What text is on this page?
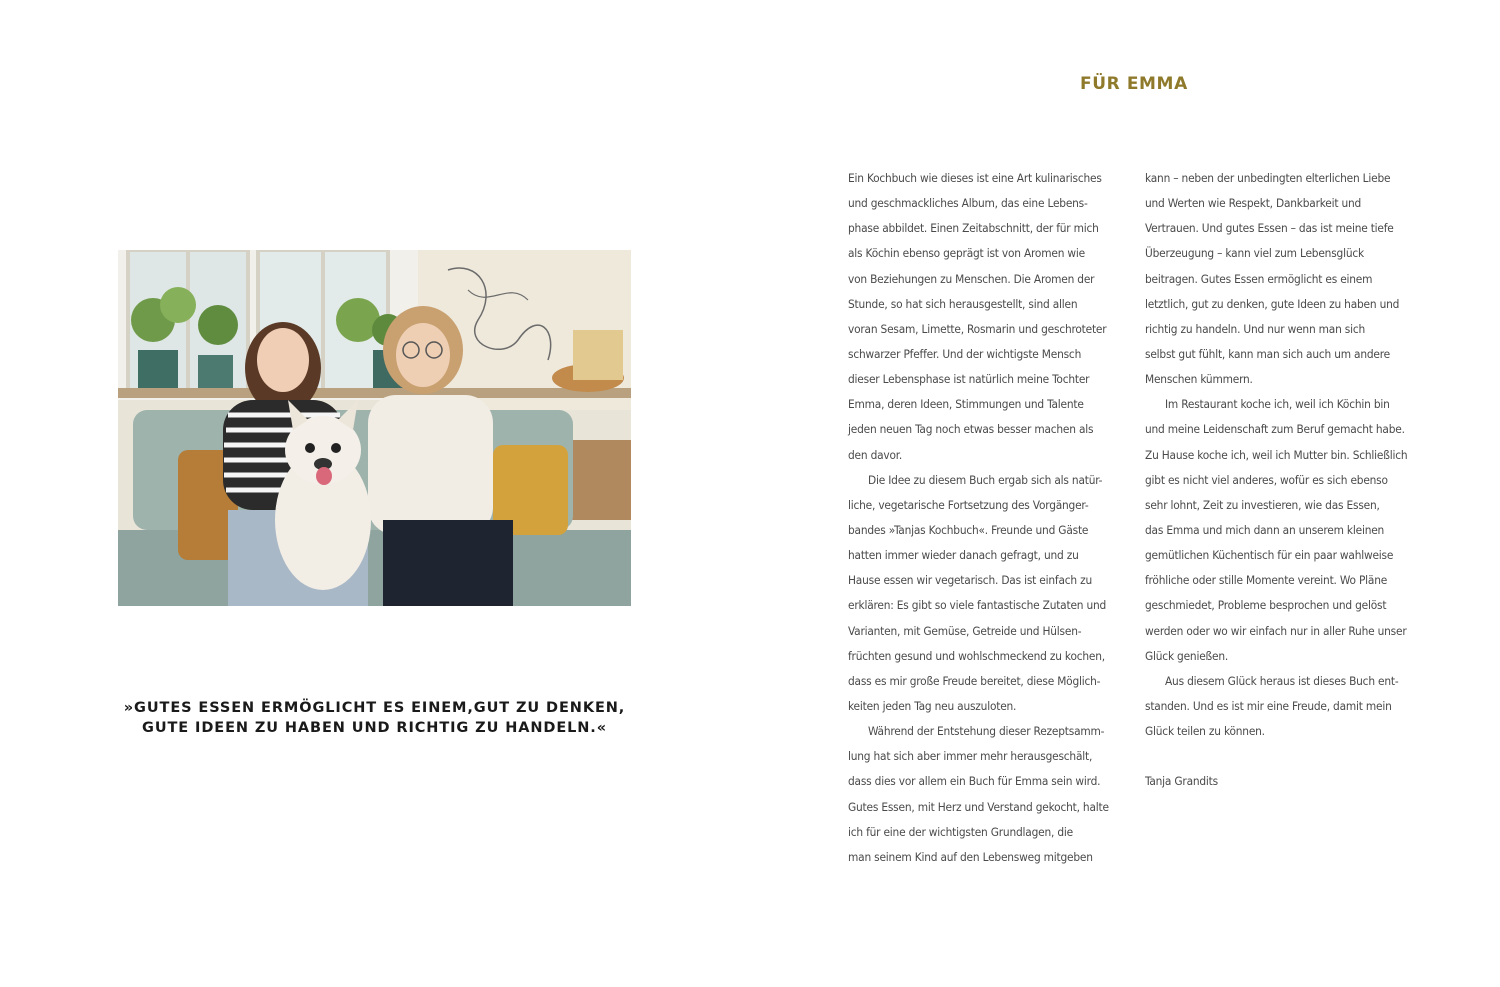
»GUTES ESSEN ERMÖGLICHT ES EINEM,GUT ZU DENKEN,
GUTE IDEEN ZU HABEN UND RICHTIG ZU HANDELN.«

FÜR EMMA
Ein Kochbuch wie dieses ist eine Art kulinarisches
und geschmackliches Album, das eine Lebens-
phase abbildet. Einen Zeitabschnitt, der für mich
als Köchin ebenso geprägt ist von Aromen wie
von Beziehungen zu Menschen. Die Aromen der
Stunde, so hat sich herausgestellt, sind allen
voran Sesam, Limette, Rosmarin und geschroteter
schwarzer Pfeffer. Und der wichtigste Mensch
dieser Lebensphase ist natürlich meine Tochter
Emma, deren Ideen, Stimmungen und Talente
jeden neuen Tag noch etwas besser machen als
den davor.
Die Idee zu diesem Buch ergab sich als natür-
liche, vegetarische Fortsetzung des Vorgänger-
bandes »Tanjas Kochbuch«. Freunde und Gäste
hatten immer wieder danach gefragt, und zu
Hause essen wir vegetarisch. Das ist einfach zu
erklären: Es gibt so viele fantastische Zutaten und
Varianten, mit Gemüse, Getreide und Hülsen-
früchten gesund und wohlschmeckend zu kochen,
dass es mir große Freude bereitet, diese Möglich-
keiten jeden Tag neu auszuloten.
Während der Entstehung dieser Rezeptsamm-
lung hat sich aber immer mehr herausgeschält,
dass dies vor allem ein Buch für Emma sein wird.
Gutes Essen, mit Herz und Verstand gekocht, halte
ich für eine der wichtigsten Grundlagen, die
man seinem Kind auf den Lebensweg mitgeben
kann – neben der unbedingten elterlichen Liebe
und Werten wie Respekt, Dankbarkeit und
Vertrauen. Und gutes Essen – das ist meine tiefe
Überzeugung – kann viel zum Lebensglück
beitragen. Gutes Essen ermöglicht es einem
letztlich, gut zu denken, gute Ideen zu haben und
richtig zu handeln. Und nur wenn man sich
selbst gut fühlt, kann man sich auch um andere
Menschen kümmern.
Im Restaurant koche ich, weil ich Köchin bin
und meine Leidenschaft zum Beruf gemacht habe.
Zu Hause koche ich, weil ich Mutter bin. Schließlich
gibt es nicht viel anderes, wofür es sich ebenso
sehr lohnt, Zeit zu investieren, wie das Essen,
das Emma und mich dann an unserem kleinen
gemütlichen Küchentisch für ein paar wahlweise
fröhliche oder stille Momente vereint. Wo Pläne
geschmiedet, Probleme besprochen und gelöst
werden oder wo wir einfach nur in aller Ruhe unser
Glück genießen.
Aus diesem Glück heraus ist dieses Buch ent-
standen. Und es ist mir eine Freude, damit mein
Glück teilen zu können.
Tanja Grandits
